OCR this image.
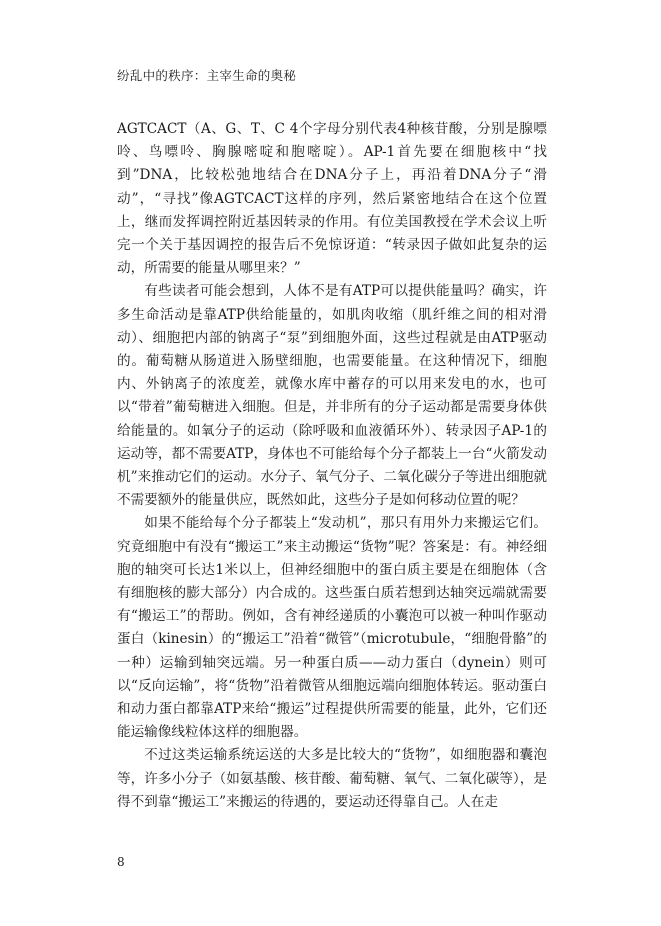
纷乱中的秩序：主宰生命的奥秘

AGTCACT（A、G、T、C 4个字母分别代表4种核苷酸，分别是腺嘌呤、鸟嘌呤、胸腺嘧啶和胞嘧啶）。AP-1首先要在细胞核中“找到”DNA，比较松弛地结合在DNA分子上，再沿着DNA分子“滑动”，“寻找”像AGTCACT这样的序列，然后紧密地结合在这个位置上，继而发挥调控附近基因转录的作用。有位美国教授在学术会议上听完一个关于基因调控的报告后不免惊讶道：“转录因子做如此复杂的运动，所需要的能量从哪里来？”

有些读者可能会想到，人体不是有ATP可以提供能量吗？确实，许多生命活动是靠ATP供给能量的，如肌肉收缩（肌纤维之间的相对滑动）、细胞把内部的钠离子“泵”到细胞外面，这些过程就是由ATP驱动的。葡萄糖从肠道进入肠壁细胞，也需要能量。在这种情况下，细胞内、外钠离子的浓度差，就像水库中蓄存的可以用来发电的水，也可以“带着”葡萄糖进入细胞。但是，并非所有的分子运动都是需要身体供给能量的。如氧分子的运动（除呼吸和血液循环外）、转录因子AP-1的运动等，都不需要ATP，身体也不可能给每个分子都装上一台“火箭发动机”来推动它们的运动。水分子、氧气分子、二氧化碳分子等进出细胞就不需要额外的能量供应，既然如此，这些分子是如何移动位置的呢？

如果不能给每个分子都装上“发动机”，那只有用外力来搬运它们。究竟细胞中有没有“搬运工”来主动搬运“货物”呢？答案是：有。神经细胞的轴突可长达1米以上，但神经细胞中的蛋白质主要是在细胞体（含有细胞核的膨大部分）内合成的。这些蛋白质若想到达轴突远端就需要有“搬运工”的帮助。例如，含有神经递质的小囊泡可以被一种叫作驱动蛋白（kinesin）的“搬运工”沿着“微管”（microtubule，“细胞骨骼”的一种）运输到轴突远端。另一种蛋白质——动力蛋白（dynein）则可以“反向运输”，将“货物”沿着微管从细胞远端向细胞体转运。驱动蛋白和动力蛋白都靠ATP来给“搬运”过程提供所需要的能量，此外，它们还能运输像线粒体这样的细胞器。

不过这类运输系统运送的大多是比较大的“货物”，如细胞器和囊泡等，许多小分子（如氨基酸、核苷酸、葡萄糖、氧气、二氧化碳等），是得不到靠“搬运工”来搬运的待遇的，要运动还得靠自己。人在走

8
